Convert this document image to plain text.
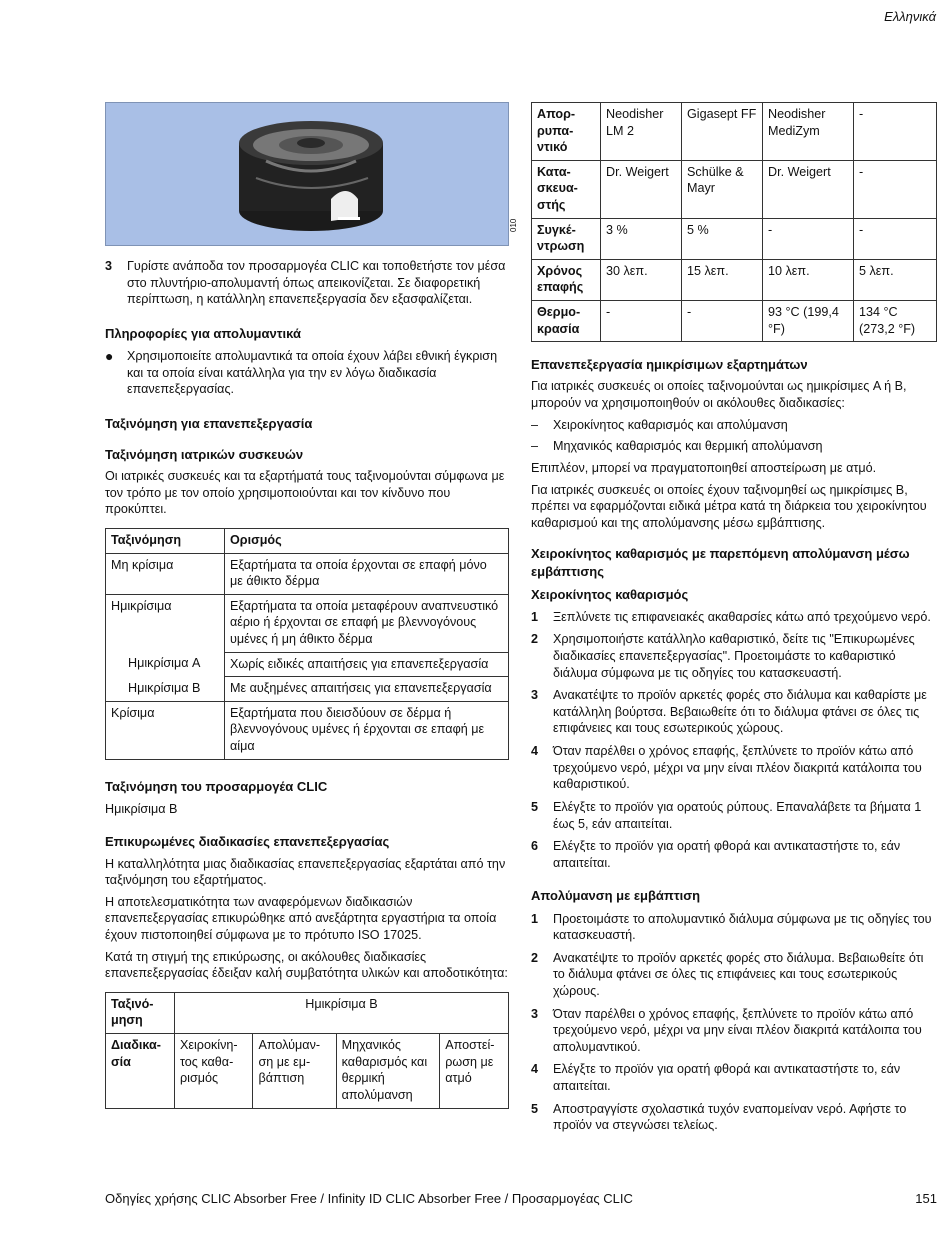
Ελληνικά
3	Γυρίστε ανάποδα τον προσαρμογέα CLIC και τοποθετήστε τον μέσα στο πλυντήριο-απολυμαντή όπως απεικονίζεται. Σε διαφορετική περίπτωση, η κατάλληλη επανεπεξεργασία δεν εξασφαλίζεται.
Πληροφορίες για απολυμαντικά
●	Χρησιμοποιείτε απολυμαντικά τα οποία έχουν λάβει εθνική έγκριση και τα οποία είναι κατάλληλα για την εν λόγω διαδικασία επανεπεξεργασίας.
Ταξινόμηση για επανεπεξεργασία
Ταξινόμηση ιατρικών συσκευών

Οι ιατρικές συσκευές και τα εξαρτήματά τους ταξινομούνται σύμφωνα με τον τρόπο με τον οποίο χρησιμοποιούνται και τον κίνδυνο που προκύπτει.

Ταξινόμηση	Ορισμός
Μη κρίσιμα	Εξαρτήματα τα οποία έρχονται σε επαφή μόνο με άθικτο δέρμα
Ημικρίσιμα	Εξαρτήματα τα οποία μεταφέρουν αναπνευστικό αέριο ή έρχονται σε επαφή με βλεννογόνους υμένες ή μη άθικτο δέρμα
Ημικρίσιμα A	Χωρίς ειδικές απαιτήσεις για επανεπεξεργασία
Ημικρίσιμα B	Με αυξημένες απαιτήσεις για επανεπεξεργασία
Κρίσιμα	Εξαρτήματα που διεισδύουν σε δέρμα ή βλεννογόνους υμένες ή έρχονται σε επαφή με αίμα
Ταξινόμηση του προσαρμογέα CLIC

Ημικρίσιμα B

Επικυρωμένες διαδικασίες επανεπεξεργασίας

Η καταλληλότητα μιας διαδικασίας επανεπεξεργασίας εξαρτάται από την ταξινόμηση του εξαρτήματος.

Η αποτελεσματικότητα των αναφερόμενων διαδικασιών επανεπεξεργασίας επικυρώθηκε από ανεξάρτητα εργαστήρια τα οποία έχουν πιστοποιηθεί σύμφωνα με το πρότυπο ISO 17025.

Κατά τη στιγμή της επικύρωσης, οι ακόλουθες διαδικασίες επανεπεξεργασίας έδειξαν καλή συμβατότητα υλικών και αποδοτικότητα:

Ταξινό-μηση	Ημικρίσιμα B			
Διαδικα-σία	Χειροκίνη-τος καθα-ρισμός	Απολύμαν-ση με εμ-βάπτιση	Μηχανικός καθαρισμός και θερμική απολύμανση	Αποστεί-ρωση με ατμό
Απορ-ρυπα-ντικό	Neodisher LM 2	Gigasept FF	Neodisher MediZym	-
Κατα-σκευα-στής	Dr. Weigert	Schülke & Mayr	Dr. Weigert	-
Συγκέ-ντρωση	3 %	5 %	-	-
Χρόνος επαφής	30 λεπ.	15 λεπ.	10 λεπ.	5 λεπ.
Θερμο-κρασία	-	-	93 °C (199,4 °F)	134 °C (273,2 °F)
Επανεπεξεργασία ημικρίσιμων εξαρτημάτων

Για ιατρικές συσκευές οι οποίες ταξινομούνται ως ημικρίσιμες A ή B, μπορούν να χρησιμοποιηθούν οι ακόλουθες διαδικασίες:

–	Χειροκίνητος καθαρισμός και απολύμανση
–	Μηχανικός καθαρισμός και θερμική απολύμανση

Επιπλέον, μπορεί να πραγματοποιηθεί αποστείρωση με ατμό.

Για ιατρικές συσκευές οι οποίες έχουν ταξινομηθεί ως ημικρίσιμες B, πρέπει να εφαρμόζονται ειδικά μέτρα κατά τη διάρκεια του χειροκίνητου καθαρισμού και της απολύμανσης μέσω εμβάπτισης.

Χειροκίνητος καθαρισμός με παρεπόμενη απολύμανση μέσω εμβάπτισης
Χειροκίνητος καθαρισμός
1	Ξεπλύνετε τις επιφανειακές ακαθαρσίες κάτω από τρεχούμενο νερό.
2	Χρησιμοποιήστε κατάλληλο καθαριστικό, δείτε τις "Επικυρωμένες διαδικασίες επανεπεξεργασίας". Προετοιμάστε το καθαριστικό διάλυμα σύμφωνα με τις οδηγίες του κατασκευαστή.
3	Ανακατέψτε το προϊόν αρκετές φορές στο διάλυμα και καθαρίστε με κατάλληλη βούρτσα. Βεβαιωθείτε ότι το διάλυμα φτάνει σε όλες τις επιφάνειες και τους εσωτερικούς χώρους.
4	Όταν παρέλθει ο χρόνος επαφής, ξεπλύνετε το προϊόν κάτω από τρεχούμενο νερό, μέχρι να μην είναι πλέον διακριτά κατάλοιπα του καθαριστικού.
5	Ελέγξτε το προϊόν για ορατούς ρύπους. Επαναλάβετε τα βήματα 1 έως 5, εάν απαιτείται.
6	Ελέγξτε το προϊόν για ορατή φθορά και αντικαταστήστε το, εάν απαιτείται.
Απολύμανση με εμβάπτιση
1	Προετοιμάστε το απολυμαντικό διάλυμα σύμφωνα με τις οδηγίες του κατασκευαστή.
2	Ανακατέψτε το προϊόν αρκετές φορές στο διάλυμα. Βεβαιωθείτε ότι το διάλυμα φτάνει σε όλες τις επιφάνειες και τους εσωτερικούς χώρους.
3	Όταν παρέλθει ο χρόνος επαφής, ξεπλύνετε το προϊόν κάτω από τρεχούμενο νερό, μέχρι να μην είναι πλέον διακριτά κατάλοιπα του απολυμαντικού.
4	Ελέγξτε το προϊόν για ορατή φθορά και αντικαταστήστε το, εάν απαιτείται.
5	Αποστραγγίστε σχολαστικά τυχόν εναπομείναν νερό. Αφήστε το προϊόν να στεγνώσει τελείως.
010
Οδηγίες χρήσης CLIC Absorber Free / Infinity ID CLIC Absorber Free / Προσαρμογέας CLIC	151
